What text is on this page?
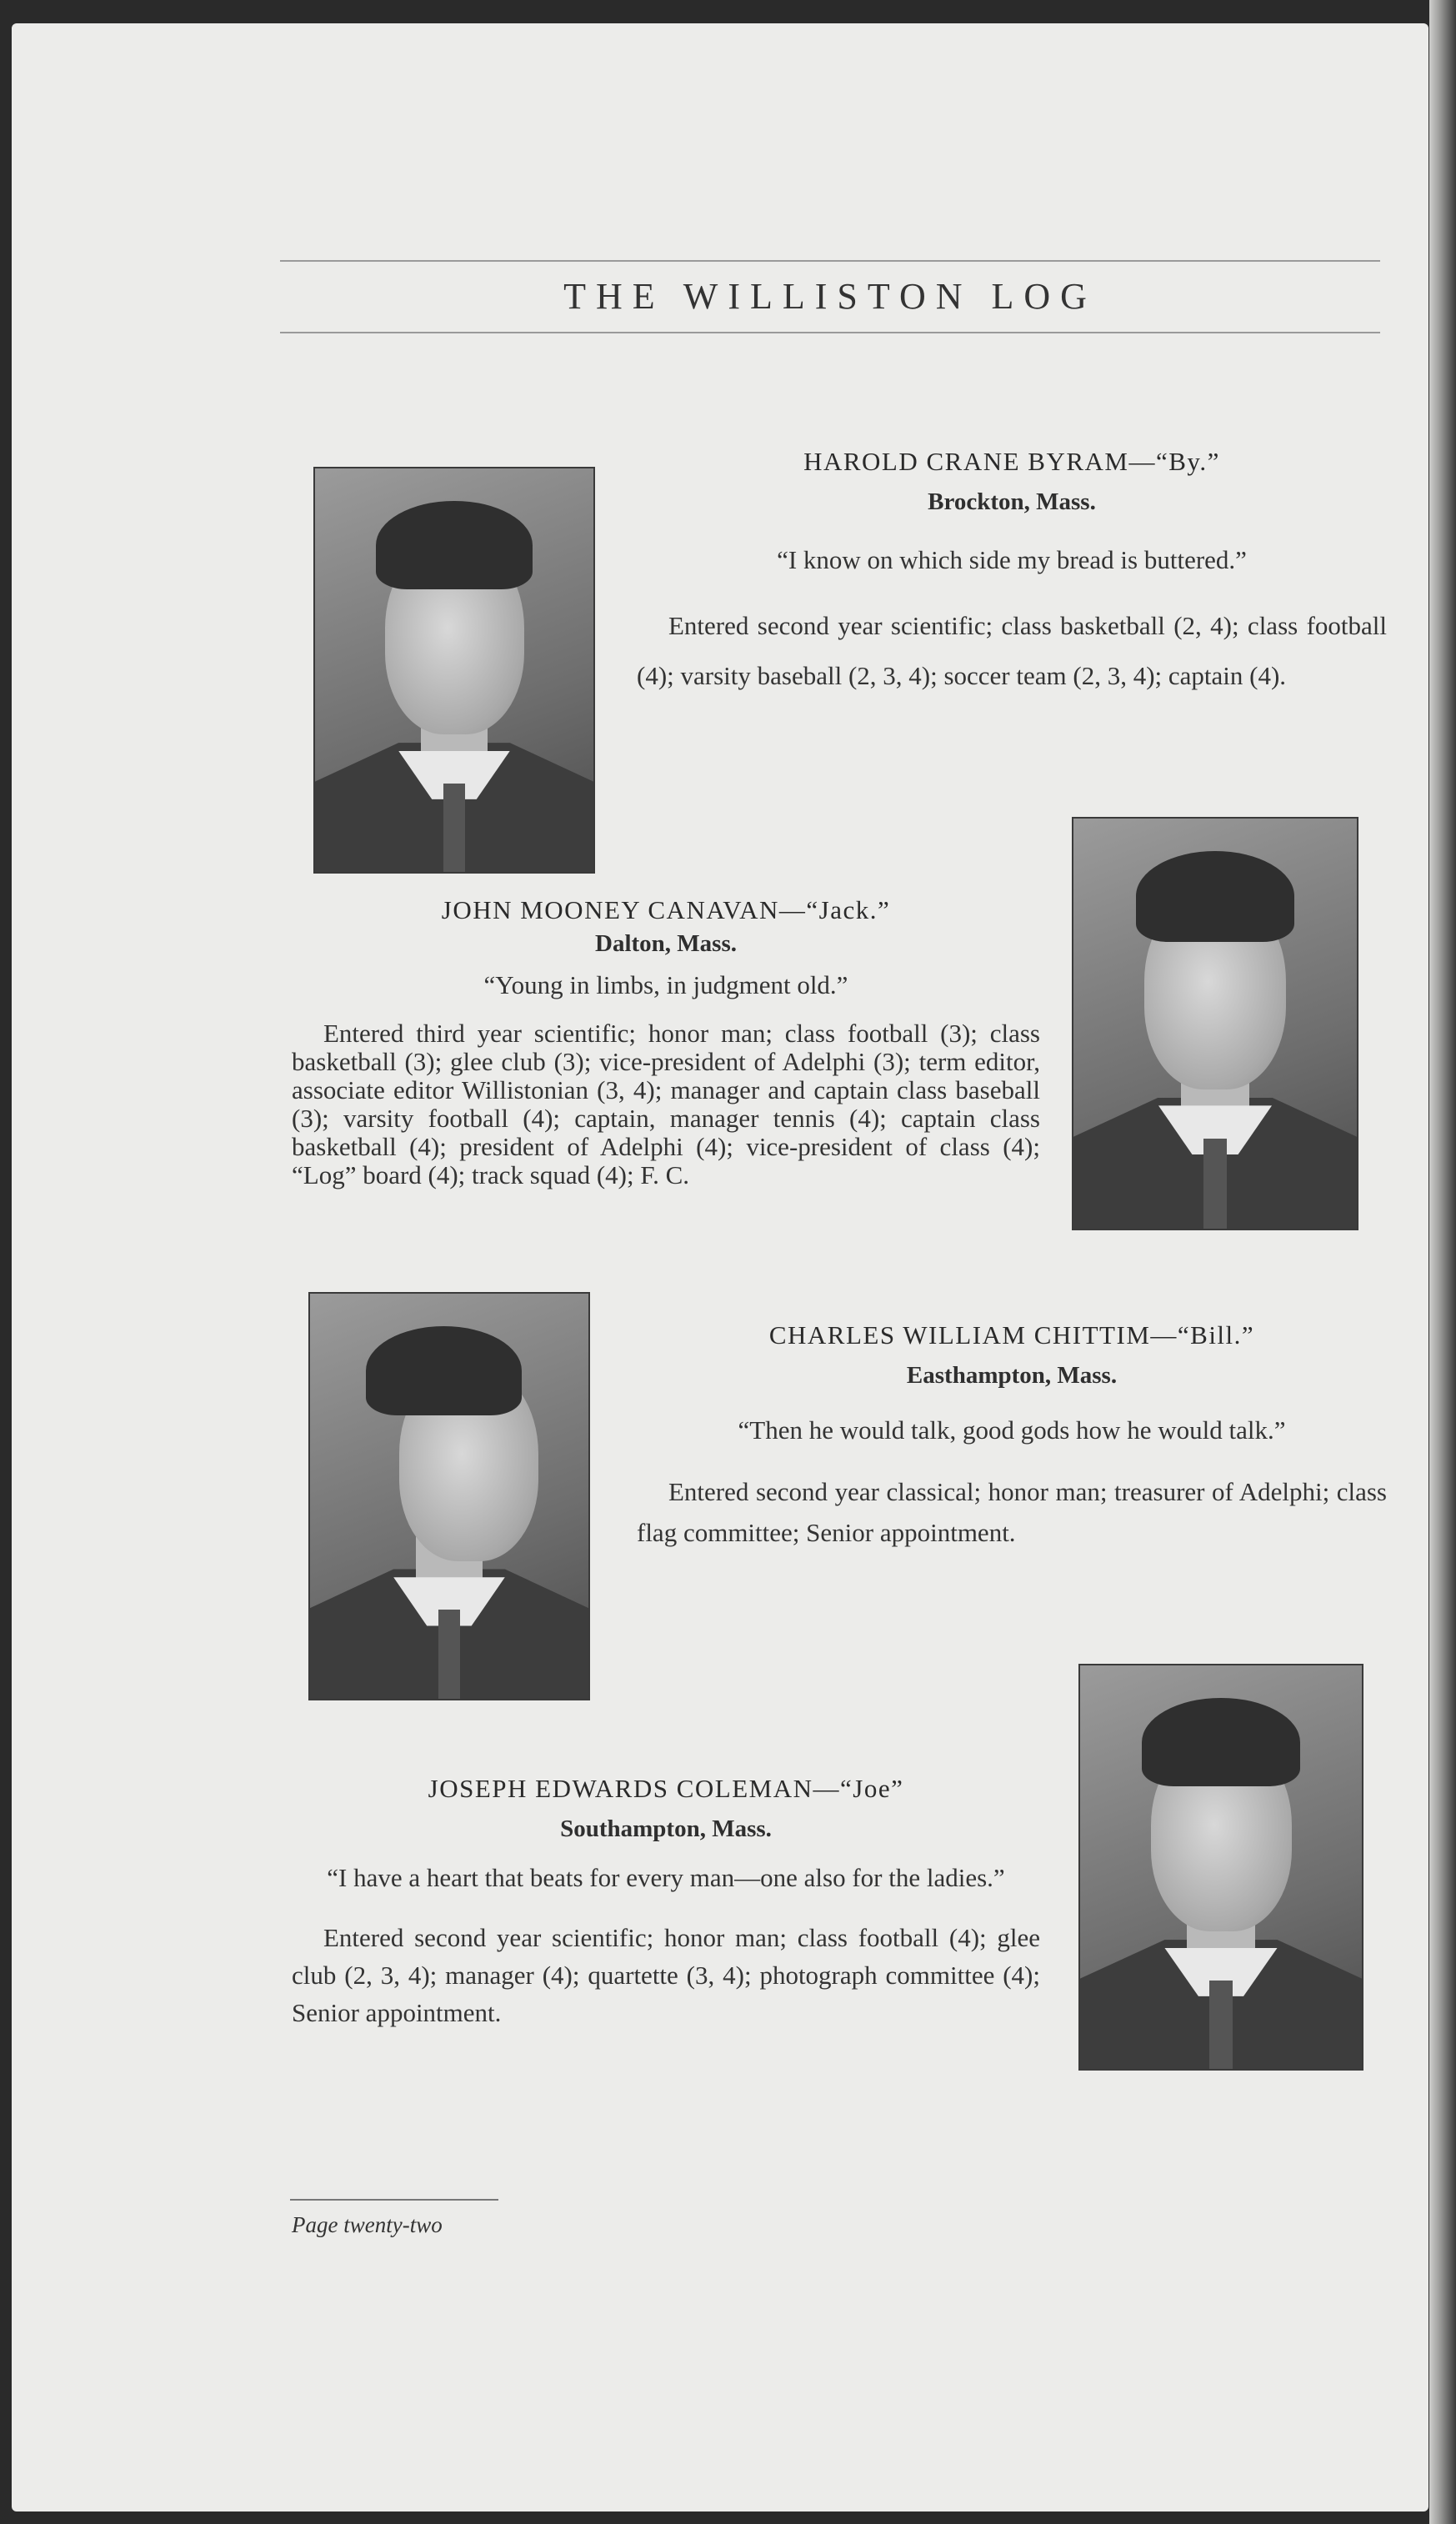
THE WILLISTON LOG
HAROLD CRANE BYRAM—“By.”
Brockton, Mass.
“I know on which side my bread is buttered.”
Entered second year scientific; class basketball (2, 4); class football (4); varsity baseball (2, 3, 4); soccer team (2, 3, 4); captain (4).
JOHN MOONEY CANAVAN—“Jack.”
Dalton, Mass.
“Young in limbs, in judgment old.”
Entered third year scientific; honor man; class football (3); class basketball (3); glee club (3); vice-president of Adelphi (3); term editor, associate editor Willistonian (3, 4); manager and captain class baseball (3); varsity football (4); captain, manager tennis (4); captain class basketball (4); president of Adelphi (4); vice-president of class (4); “Log” board (4); track squad (4); F. C.
CHARLES WILLIAM CHITTIM—“Bill.”
Easthampton, Mass.
“Then he would talk, good gods how he would talk.”
Entered second year classical; honor man; treasurer of Adelphi; class flag committee; Senior appointment.
JOSEPH EDWARDS COLEMAN—“Joe”
Southampton, Mass.
“I have a heart that beats for every man—one also for the ladies.”
Entered second year scientific; honor man; class football (4); glee club (2, 3, 4); manager (4); quartette (3, 4); photograph committee (4); Senior appointment.
Page twenty-two
